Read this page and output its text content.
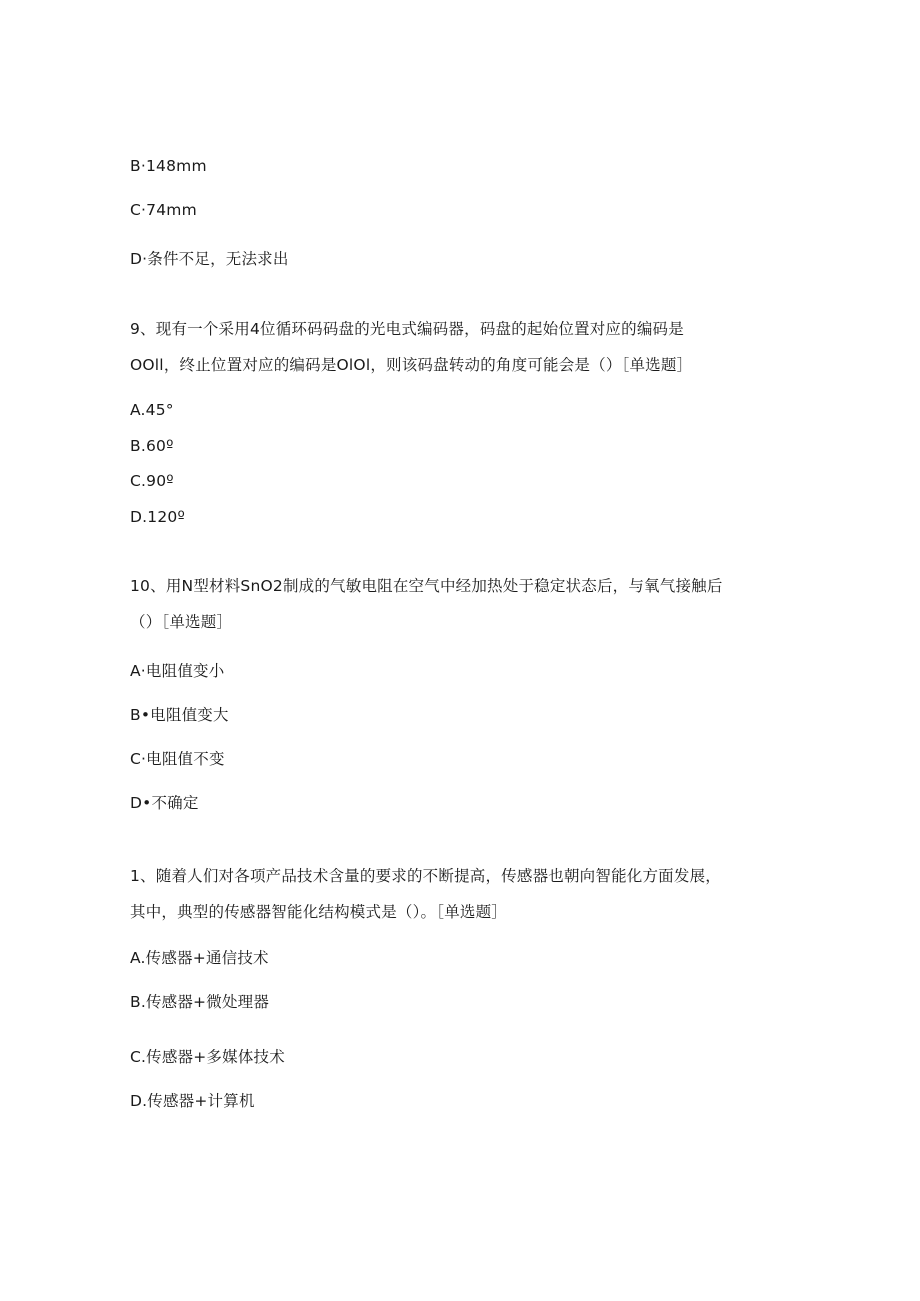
B·148mm
C·74mm
D·条件不足，无法求出
9、现有一个采用4位循环码码盘的光电式编码器，码盘的起始位置对应的编码是
OOll，终止位置对应的编码是OlOl，则该码盘转动的角度可能会是（）［单选题］
A.45°
B.60º
C.90º
D.120º
10、用N型材料SnO2制成的气敏电阻在空气中经加热处于稳定状态后，与氧气接触后
（）［单选题］
A·电阻值变小
B•电阻值变大
C·电阻值不变
D•不确定
1、随着人们对各项产品技术含量的要求的不断提高，传感器也朝向智能化方面发展，
其中，典型的传感器智能化结构模式是（）。［单选题］
A.传感器+通信技术
B.传感器+微处理器
C.传感器+多媒体技术
D.传感器+计算机
